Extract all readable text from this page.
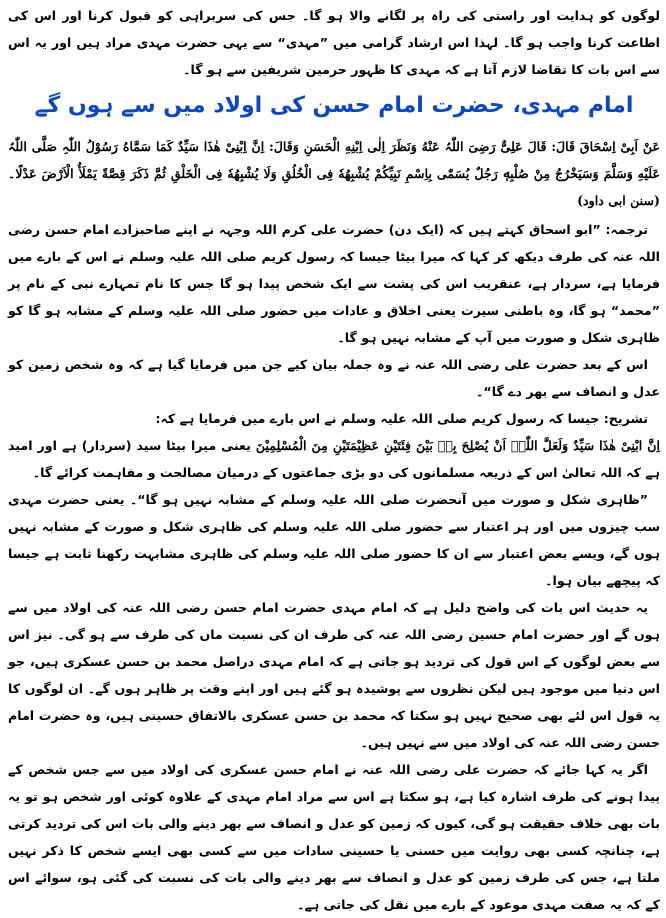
لوگوں کو ہدایت اور راستی کی راہ پر لگانے والا ہو گا۔ جس کی سربراہی کو قبول کرنا اور اس کی اطاعت کرنا واجب ہو گا۔ لہذا اس ارشاد گرامی میں ”مہدی“ سے یہی حضرت مہدی مراد ہیں اور یہ اس سے اس بات کا تقاضا لازم آتا ہے کہ مہدی کا ظہور حرمین شریفین سے ہو گا۔

امام مہدی، حضرت امام حسن کی اولاد میں سے ہوں گے

عَنْ اَبِیْ اِسْحَاقَ قَالَ: قَالَ عَلِیٌّ رَضِیَ اللّٰہُ عَنْهُ وَنَظَرَ اِلٰی اِبْنِهِ الْحَسَنِ وَقَالَ: اِنَّ اِبْنِیْ هٰذَا سَیِّدٌ کَمَا سَمَّاهُ رَسُوْلُ اللّٰہِ صَلَّی اللّٰہُ عَلَیْهِ وَسَلَّمَ وَسَیَخْرُجُ مِنْ صُلْبِهٖ رَجُلٌ یُسَمّٰی بِاِسْمِ نَبِیِّکُمْ یُشْبِهُهٗ فِی الْخُلُقِ وَلَا یُشْبِهُهٗ فِی الْخَلْقِ ثُمَّ ذَکَرَ قِصَّةً یَمْلَأُ الْاَرْضَ عَدْلًا۔ (سنن ابی داود)

ترجمہ: ”ابو اسحاق کہتے ہیں کہ (ایک دن) حضرت علی کرم اللہ وجہہ نے اپنے صاحبزادے امام حسن رضی اللہ عنہ کی طرف دیکھ کر کہا کہ میرا بیٹا جیسا کہ رسول کریم صلی اللہ علیہ وسلم نے اس کے بارے میں فرمایا ہے، سردار ہے، عنقریب اس کی پشت سے ایک شخص پیدا ہو گا جس کا نام تمہارے نبی کے نام پر ”محمد“ ہو گا، وہ باطنی سیرت یعنی اخلاق و عادات میں حضور صلی اللہ علیہ وسلم کے مشابہ ہو گا کو ظاہری شکل و صورت میں آپ کے مشابہ نہیں ہو گا۔

اس کے بعد حضرت علی رضی اللہ عنہ نے وہ جملہ بیان کیے جن میں فرمایا گیا ہے کہ وہ شخص زمین کو عدل و انصاف سے بھر دے گا“۔

تشریح: جیسا کہ رسول کریم صلی اللہ علیہ وسلم نے اس بارے میں فرمایا ہے کہ:
اِنَّ ابْنِیْ هٰذَا سَیِّدٌ وَلَعَلَّ اللّٰہَ اَنْ یُصْلِحَ بِهٖ بَیْنَ فِئَتَیْنِ عَظِیْمَتَیْنِ مِنَ الْمُسْلِمِیْنَ یعنی میرا بیٹا سید (سردار) ہے اور امید ہے کہ اللہ تعالیٰ اس کے ذریعہ مسلمانوں کی دو بڑی جماعتوں کے درمیان مصالحت و مفاہمت کرائے گا۔

”ظاہری شکل و صورت میں آنحضرت صلی اللہ علیہ وسلم کے مشابہ نہیں ہو گا“۔ یعنی حضرت مہدی سب چیزوں میں اور ہر اعتبار سے حضور صلی اللہ علیہ وسلم کی ظاہری شکل و صورت کے مشابہ نہیں ہوں گے، ویسے بعض اعتبار سے ان کا حضور صلی اللہ علیہ وسلم کی ظاہری مشابہت رکھنا ثابت ہے جیسا کہ پیچھے بیان ہوا۔

یہ حدیث اس بات کی واضح دلیل ہے کہ امام مہدی حضرت امام حسن رضی اللہ عنہ کی اولاد میں سے ہوں گے اور حضرت امام حسین رضی اللہ عنہ کی طرف ان کی نسبت ماں کی طرف سے ہو گی۔ نیز اس سے بعض لوگوں کے اس قول کی تردید ہو جاتی ہے کہ امام مہدی دراصل محمد بن حسن عسکری ہیں، جو اس دنیا میں موجود ہیں لیکن نظروں سے پوشیدہ ہو گئے ہیں اور اپنے وقت پر ظاہر ہوں گے۔ ان لوگوں کا یہ قول اس لئے بھی صحیح نہیں ہو سکتا کہ محمد بن حسن عسکری بالاتفاق حسینی ہیں، وہ حضرت امام حسن رضی اللہ عنہ کی اولاد میں سے نہیں ہیں۔

اگر یہ کہا جائے کہ حضرت علی رضی اللہ عنہ نے امام حسن عسکری کی اولاد میں سے جس شخص کے پیدا ہونے کی طرف اشارہ کیا ہے، ہو سکتا ہے اس سے مراد امام مہدی کے علاوہ کوئی اور شخص ہو تو یہ بات بھی خلاف حقیقت ہو گی، کیوں کہ زمین کو عدل و انصاف سے بھر دینے والی بات اس کی تردید کرتی ہے، چنانچہ کسی بھی روایت میں حسنی یا حسینی سادات میں سے کسی بھی ایسے شخص کا ذکر نہیں ملتا ہے، جس کی طرف زمین کو عدل و انصاف سے بھر دینے والی بات کی نسبت کی گئی ہو، سوائے اس کے کہ یہ صفت مہدی موعود کے بارے میں نقل کی جاتی ہے۔
